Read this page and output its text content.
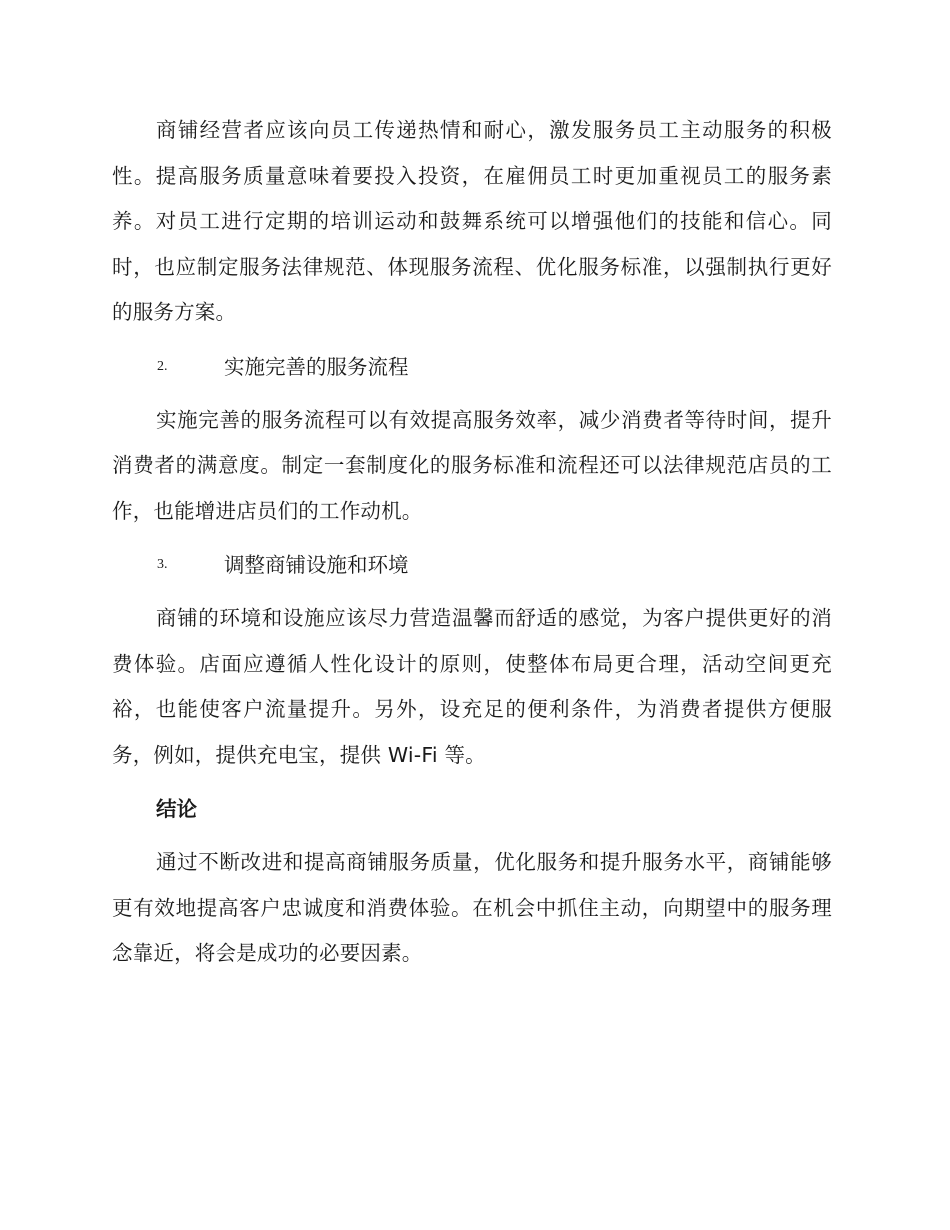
商铺经营者应该向员工传递热情和耐心，激发服务员工主动服务的积极性。提高服务质量意味着要投入投资，在雇佣员工时更加重视员工的服务素养。对员工进行定期的培训运动和鼓舞系统可以增强他们的技能和信心。同时，也应制定服务法律规范、体现服务流程、优化服务标准，以强制执行更好的服务方案。

2.	实施完善的服务流程

实施完善的服务流程可以有效提高服务效率，减少消费者等待时间，提升消费者的满意度。制定一套制度化的服务标准和流程还可以法律规范店员的工作，也能增进店员们的工作动机。

3.	调整商铺设施和环境

商铺的环境和设施应该尽力营造温馨而舒适的感觉，为客户提供更好的消费体验。店面应遵循人性化设计的原则，使整体布局更合理，活动空间更充裕，也能使客户流量提升。另外，设充足的便利条件，为消费者提供方便服务，例如，提供充电宝，提供 Wi-Fi 等。

结论

通过不断改进和提高商铺服务质量，优化服务和提升服务水平，商铺能够更有效地提高客户忠诚度和消费体验。在机会中抓住主动，向期望中的服务理念靠近，将会是成功的必要因素。
